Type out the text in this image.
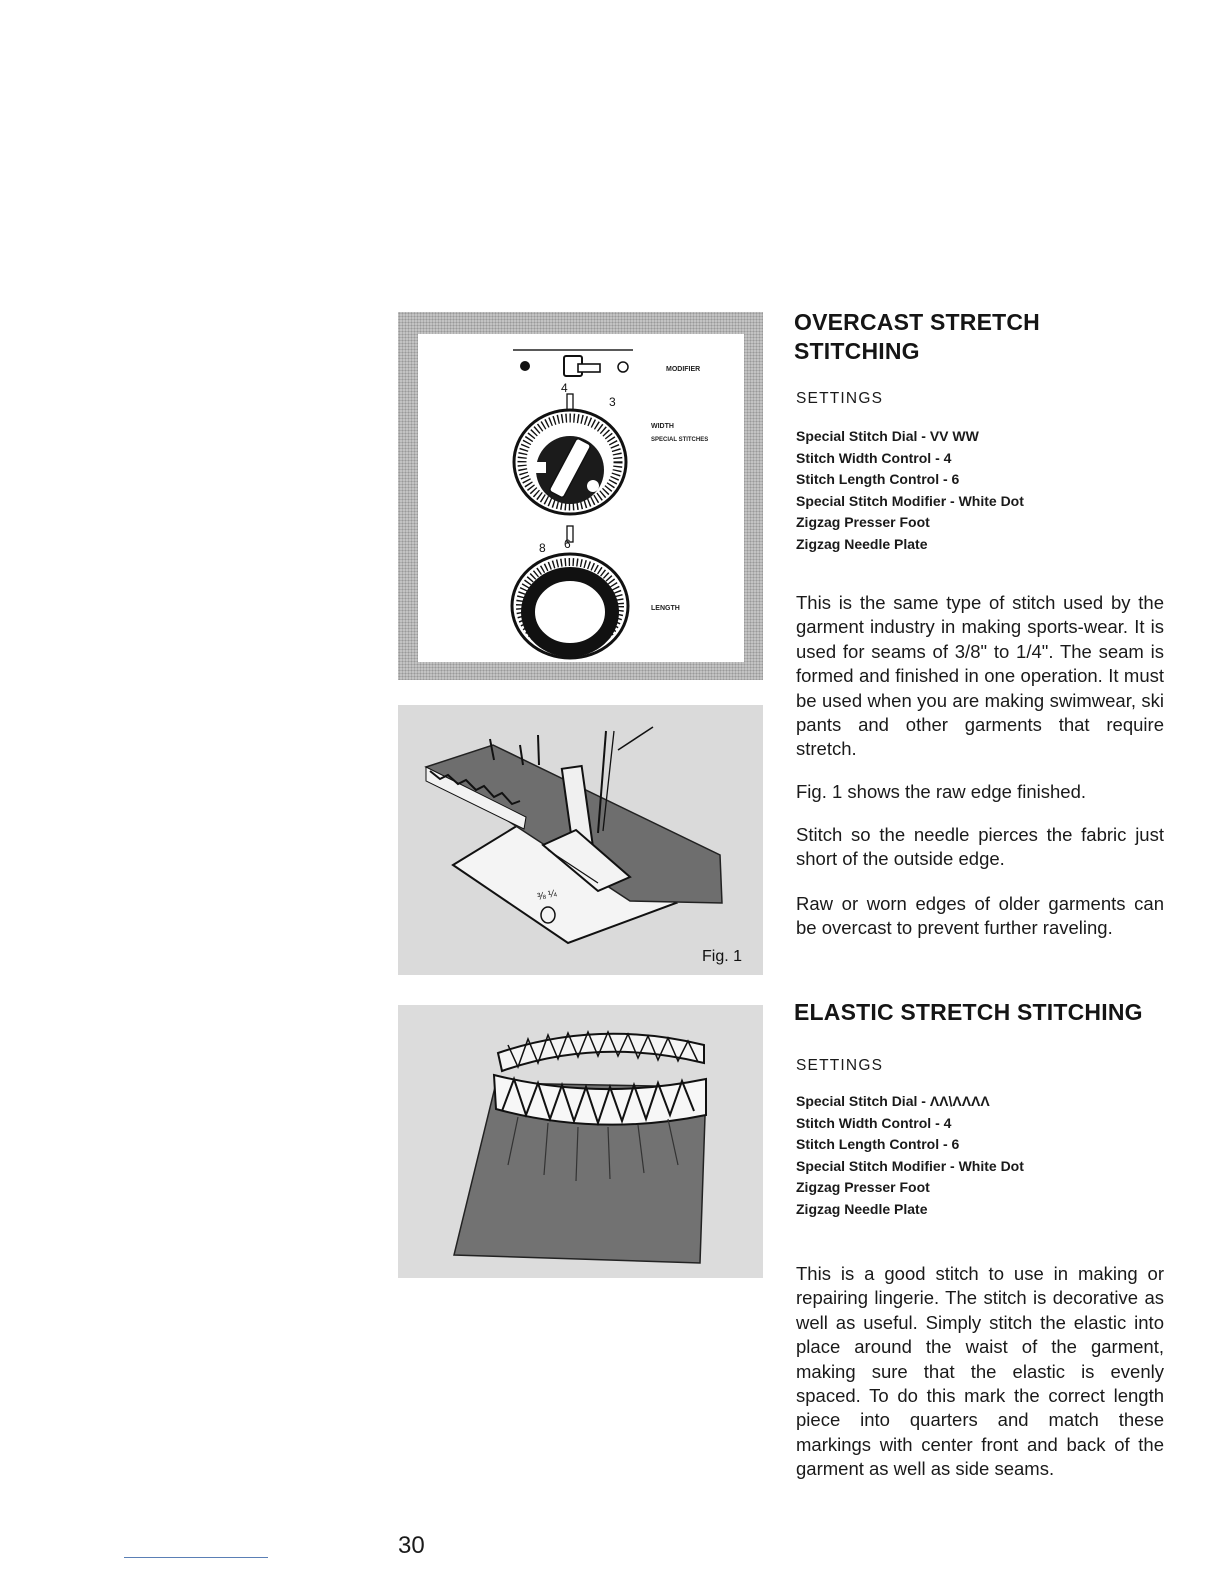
MODIFIER
4
3
WIDTH
SPECIAL STITCHES
8 6
LENGTH
⅜ ¼
Fig. 1
OVERCAST STRETCH
STITCHING
SETTINGS
Special Stitch Dial - VV WW
Stitch Width Control - 4
Stitch Length Control - 6
Special Stitch Modifier - White Dot
Zigzag Presser Foot
Zigzag Needle Plate

This is the same type of stitch used by the garment industry in making sports-wear. It is used for seams of 3/8" to 1/4". The seam is formed and finished in one operation. It must be used when you are making swimwear, ski pants and other garments that require stretch.

Fig. 1 shows the raw edge finished.

Stitch so the needle pierces the fabric just short of the outside edge.

Raw or worn edges of older garments can be overcast to prevent further raveling.

ELASTIC STRETCH STITCHING
SETTINGS
Special Stitch Dial - ΛΛ\ΛΛΛΛ
Stitch Width Control - 4
Stitch Length Control - 6
Special Stitch Modifier - White Dot
Zigzag Presser Foot
Zigzag Needle Plate

This is a good stitch to use in making or repairing lingerie. The stitch is decorative as well as useful. Simply stitch the elastic into place around the waist of the garment, making sure that the elastic is evenly spaced. To do this mark the correct length piece into quarters and match these markings with center front and back of the garment as well as side seams.

30
